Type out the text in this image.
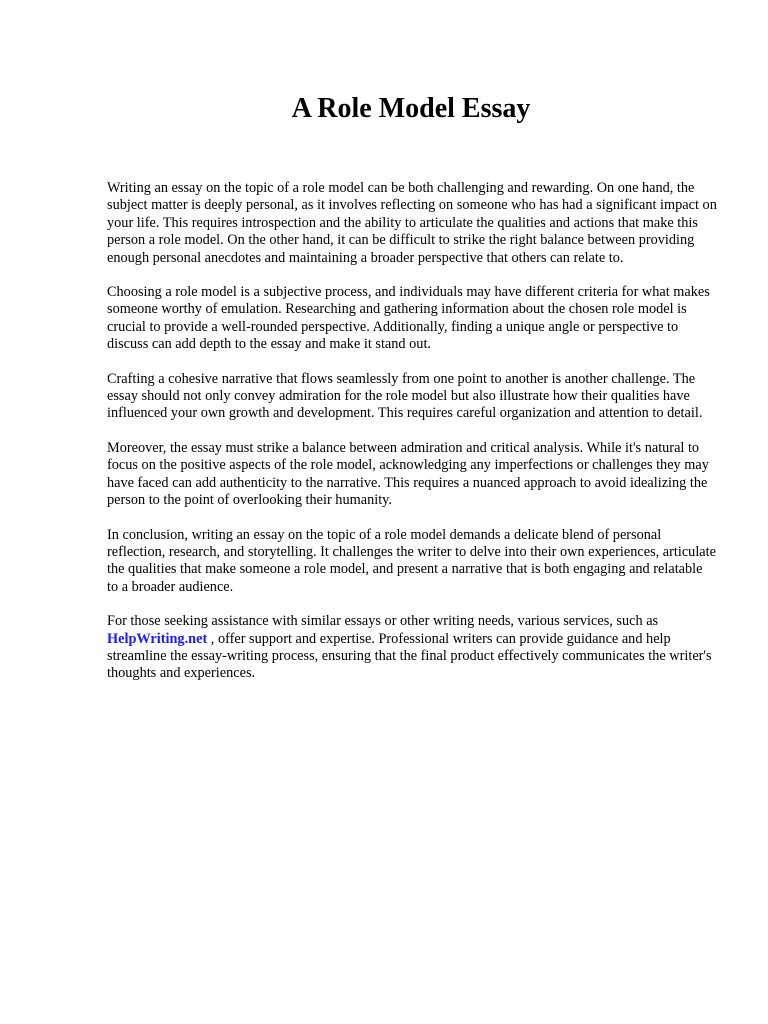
A Role Model Essay

Writing an essay on the topic of a role model can be both challenging and rewarding. On one hand, the subject matter is deeply personal, as it involves reflecting on someone who has had a significant impact on your life. This requires introspection and the ability to articulate the qualities and actions that make this person a role model. On the other hand, it can be difficult to strike the right balance between providing enough personal anecdotes and maintaining a broader perspective that others can relate to.

Choosing a role model is a subjective process, and individuals may have different criteria for what makes someone worthy of emulation. Researching and gathering information about the chosen role model is crucial to provide a well-rounded perspective. Additionally, finding a unique angle or perspective to discuss can add depth to the essay and make it stand out.

Crafting a cohesive narrative that flows seamlessly from one point to another is another challenge. The essay should not only convey admiration for the role model but also illustrate how their qualities have influenced your own growth and development. This requires careful organization and attention to detail.

Moreover, the essay must strike a balance between admiration and critical analysis. While it's natural to focus on the positive aspects of the role model, acknowledging any imperfections or challenges they may have faced can add authenticity to the narrative. This requires a nuanced approach to avoid idealizing the person to the point of overlooking their humanity.

In conclusion, writing an essay on the topic of a role model demands a delicate blend of personal reflection, research, and storytelling. It challenges the writer to delve into their own experiences, articulate the qualities that make someone a role model, and present a narrative that is both engaging and relatable to a broader audience.

For those seeking assistance with similar essays or other writing needs, various services, such as HelpWriting.net , offer support and expertise. Professional writers can provide guidance and help streamline the essay-writing process, ensuring that the final product effectively communicates the writer's thoughts and experiences.
